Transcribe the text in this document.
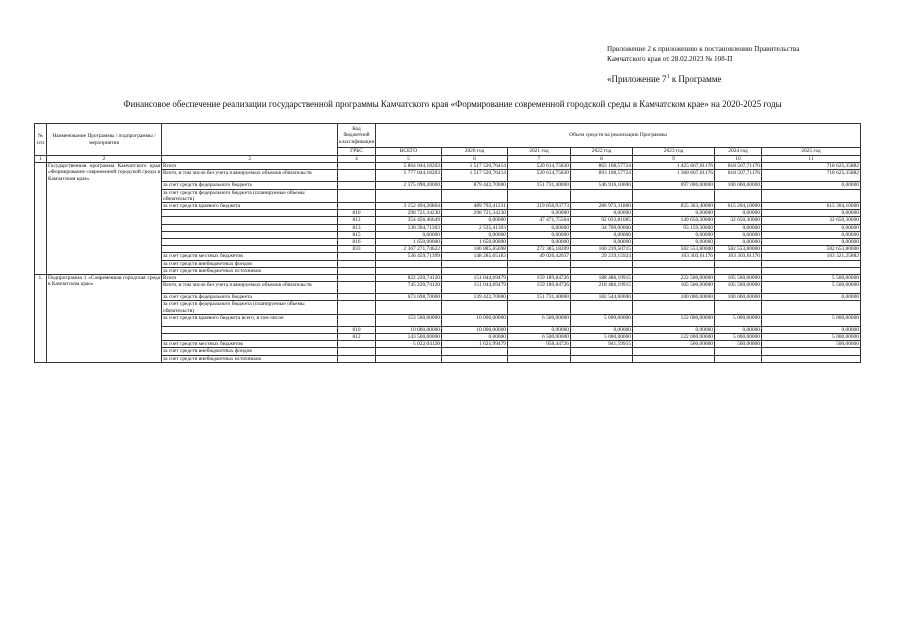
Приложение 2 к приложению к постановлению Правительства
Камчатского края от 28.02.2023 № 108-П
«Приложение $7^1$ к Программе
Финансовое обеспечение реализации государственной программы Камчатского края «Формирование современной городской среды в Камчатском крае» на 2020-2025 годы
№ п/п	Наименование Программы / подпрограммы / мероприятия		Код бюджетной классификации	Объем средств на реализацию Программы						
			ГРБС	ВСЕГО	2020 год	2021 год	2022 год	2023 год	2024 год	2025 год
1	2	3	4	5	6	7	8	9	10	11
	Государственная программа Камчатского края «Формирование современной городской среды в Камчатском крае»	Всего		5 864 044,18203	1 517 520,76414	520 614,75830	863 108,57724	1 425 667,01176	818 507,71176	718 625,35882
		Всего, в том числе без учета планируемых объемов обязательств		5 777 044,18203	1 517 520,76414	520 614,75830	893 108,57724	1 308 667,01176	818 507,71176	718 625,35882
		за счет средств федерального бюджета		2 375 090,20000	879 442,70000	151 731,40000	546 916,10000	697 000,00000	100 000,00000	0,00000
		за счет средств федерального бюджета (планируемые объемы обязательств)								
		за счет средств краевого бюджета		3 152 494,26804	489 792,41231	319 856,93773	286 973,31800	825 363,40000	615 204,10000	615 304,10000
			810	298 721,34230	298 721,34230	0,00000	0,00000	0,00000	0,00000	0,00000
			812	354 456,46649	0,00000	47 471,75564	92 033,81085	149 650,30000	32 650,30000	32 650,30000
			813	130 394,71303	2 535,41303	0,00000	34 700,00000	93 159,30000	0,00000	0,00000
			815	0,00000	0,00000	0,00000	0,00000	0,00000	0,00000	0,00000
			816	1 650,00000	1 650,00000	0,00000	0,00000	0,00000	0,00000	0,00000
			833	2 367 271,74622	186 885,65698	272 385,18209	160 239,50715	582 553,80000	582 553,80000	582 653,80000
		за счет средств местных бюджетов		536 459,71399	148 285,65183	49 026,42037	29 219,15924	103 303,61176	103 303,61176	103 321,25882
		за счет средств внебюджетных фондов								
		за счет средств внебюджетных источников								
1.	Подпрограмма 1 «Современная городская среда в Камчатском крае»	Всего		822 220,74120	151 044,69479	159 189,84726	188 486,19915	222 500,00000	105 500,00000	5 500,00000
		Всего, в том числе без учета планируемых объемов обязательств		745 220,74120	151 044,69479	159 189,84726	218 486,19915	105 500,00000	105 500,00000	5 500,00000
		за счет средств федерального бюджета		673 698,70000	139 422,70000	151 731,40000	182 544,60000	100 000,00000	100 000,00000	0,00000
		за счет средств федерального бюджета (планируемые объемы обязательств)								
		за счет средств краевого бюджета всего, в том числе:		153 500,00000	10 000,00000	6 500,00000	5 000,00000	122 000,00000	5 000,00000	5 000,00000
			810	10 000,00000	10 000,00000	0,00000	0,00000	0,00000	0,00000	0,00000
			812	143 500,00000	0,00000	6 500,00000	5 000,00000	122 000,00000	5 000,00000	5 000,00000
		за счет средств местных бюджетов		5 022,04120	1 621,99479	958,44726	941,59915	500,00000	500,00000	500,00000
		за счет средств внебюджетных фондов								
		за счет средств внебюджетных источников								
